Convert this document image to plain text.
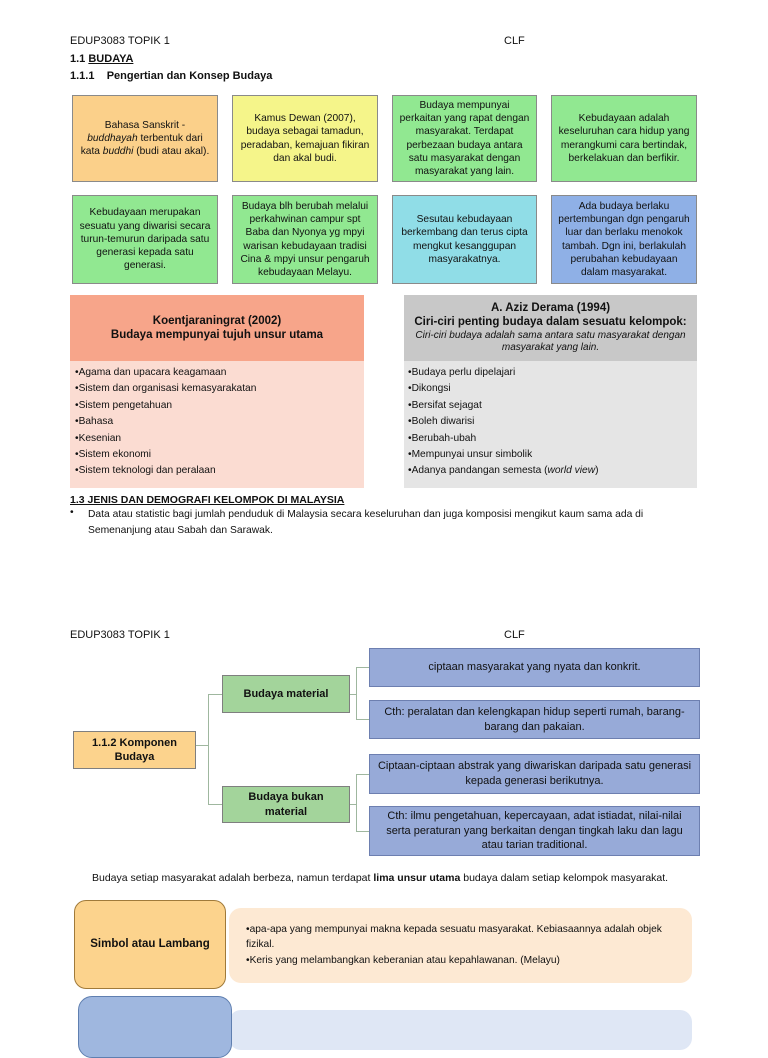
EDUP3083 TOPIK 1	CLF
1.1 BUDAYA
1.1.1    Pengertian dan Konsep Budaya
Bahasa Sanskrit -
buddhayah terbentuk dari kata buddhi (budi atau akal).
Kamus Dewan (2007), budaya sebagai tamadun, peradaban, kemajuan fikiran dan akal budi.
Budaya mempunyai perkaitan yang rapat dengan masyarakat. Terdapat perbezaan budaya antara satu masyarakat dengan masyarakat yang lain.
Kebudayaan adalah keseluruhan cara hidup yang merangkumi cara bertindak, berkelakuan dan berfikir.
Kebudayaan merupakan sesuatu yang diwarisi secara turun-temurun daripada satu generasi kepada satu generasi.
Budaya blh berubah melalui perkahwinan campur spt Baba dan Nyonya yg mpyi warisan kebudayaan tradisi Cina & mpyi unsur pengaruh kebudayaan Melayu.
Sesutau kebudayaan berkembang dan terus cipta mengkut kesanggupan masyarakatnya.
Ada budaya berlaku pertembungan dgn pengaruh luar dan berlaku menokok tambah. Dgn ini, berlakulah perubahan kebudayaan dalam masyarakat.
Koentjaraningrat (2002)
Budaya mempunyai tujuh unsur utama
•Agama dan upacara keagamaan
•Sistem dan organisasi kemasyarakatan
•Sistem pengetahuan
•Bahasa
•Kesenian
•Sistem ekonomi
•Sistem teknologi dan peralaan
A. Aziz Derama (1994)
Ciri-ciri penting budaya dalam sesuatu kelompok:
Ciri-ciri budaya adalah sama antara satu masyarakat dengan masyarakat yang lain.
•Budaya perlu dipelajari
•Dikongsi
•Bersifat sejagat
•Boleh diwarisi
•Berubah-ubah
•Mempunyai unsur simbolik
•Adanya pandangan semesta (world view)
1.3 JENIS DAN DEMOGRAFI KELOMPOK DI MALAYSIA
• Data atau statistic bagi jumlah penduduk di Malaysia secara keseluruhan dan juga komposisi mengikut kaum sama ada di
Semenanjung atau Sabah dan Sarawak.
EDUP3083 TOPIK 1	CLF
1.1.2 Komponen
Budaya
Budaya material
Budaya bukan
material
ciptaan masyarakat yang nyata dan konkrit.
Cth: peralatan dan kelengkapan hidup seperti rumah, barang-barang dan pakaian.
Ciptaan-ciptaan abstrak yang diwariskan daripada satu generasi kepada generasi berikutnya.
Cth: ilmu pengetahuan, kepercayaan, adat istiadat, nilai-nilai serta peraturan yang berkaitan dengan tingkah laku dan lagu atau tarian traditional.
Budaya setiap masyarakat adalah berbeza, namun terdapat lima unsur utama budaya dalam setiap kelompok masyarakat.
•apa-apa yang mempunyai makna kepada sesuatu masyarakat. Kebiasaannya adalah objek fizikal.
•Keris yang melambangkan keberanian atau kepahlawanan. (Melayu)
Simbol atau Lambang
